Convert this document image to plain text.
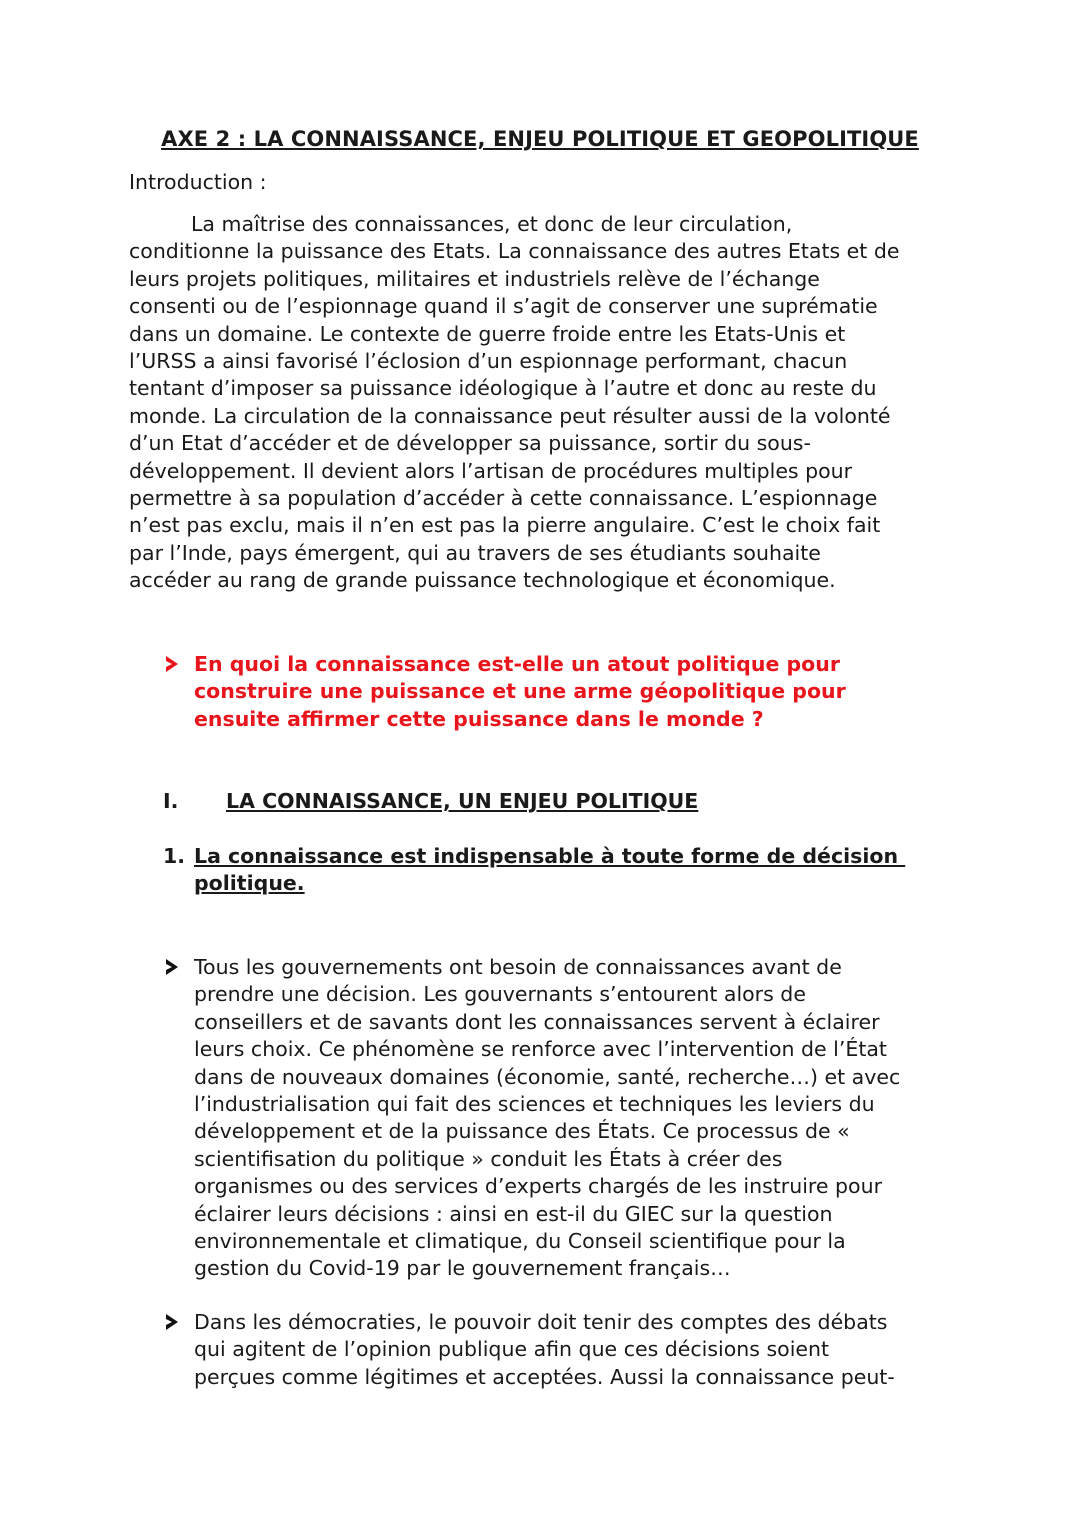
AXE 2 : LA CONNAISSANCE, ENJEU POLITIQUE ET GEOPOLITIQUE
Introduction :
La maîtrise des connaissances, et donc de leur circulation,
conditionne la puissance des Etats. La connaissance des autres Etats et de
leurs projets politiques, militaires et industriels relève de l’échange
consenti ou de l’espionnage quand il s’agit de conserver une suprématie
dans un domaine. Le contexte de guerre froide entre les Etats-Unis et
l’URSS a ainsi favorisé l’éclosion d’un espionnage performant, chacun
tentant d’imposer sa puissance idéologique à l’autre et donc au reste du
monde. La circulation de la connaissance peut résulter aussi de la volonté
d’un Etat d’accéder et de développer sa puissance, sortir du sous-
développement. Il devient alors l’artisan de procédures multiples pour
permettre à sa population d’accéder à cette connaissance. L’espionnage
n’est pas exclu, mais il n’en est pas la pierre angulaire. C’est le choix fait
par l’Inde, pays émergent, qui au travers de ses étudiants souhaite
accéder au rang de grande puissance technologique et économique.
En quoi la connaissance est-elle un atout politique pour
construire une puissance et une arme géopolitique pour
ensuite affirmer cette puissance dans le monde ?
I. LA CONNAISSANCE, UN ENJEU POLITIQUE
1. La connaissance est indispensable à toute forme de décision
politique.
Tous les gouvernements ont besoin de connaissances avant de
prendre une décision. Les gouvernants s’entourent alors de
conseillers et de savants dont les connaissances servent à éclairer
leurs choix. Ce phénomène se renforce avec l’intervention de l’État
dans de nouveaux domaines (économie, santé, recherche…) et avec
l’industrialisation qui fait des sciences et techniques les leviers du
développement et de la puissance des États. Ce processus de «
scientifisation du politique » conduit les États à créer des
organismes ou des services d’experts chargés de les instruire pour
éclairer leurs décisions : ainsi en est-il du GIEC sur la question
environnementale et climatique, du Conseil scientifique pour la
gestion du Covid-19 par le gouvernement français…
Dans les démocraties, le pouvoir doit tenir des comptes des débats
qui agitent de l’opinion publique afin que ces décisions soient
perçues comme légitimes et acceptées. Aussi la connaissance peut-
